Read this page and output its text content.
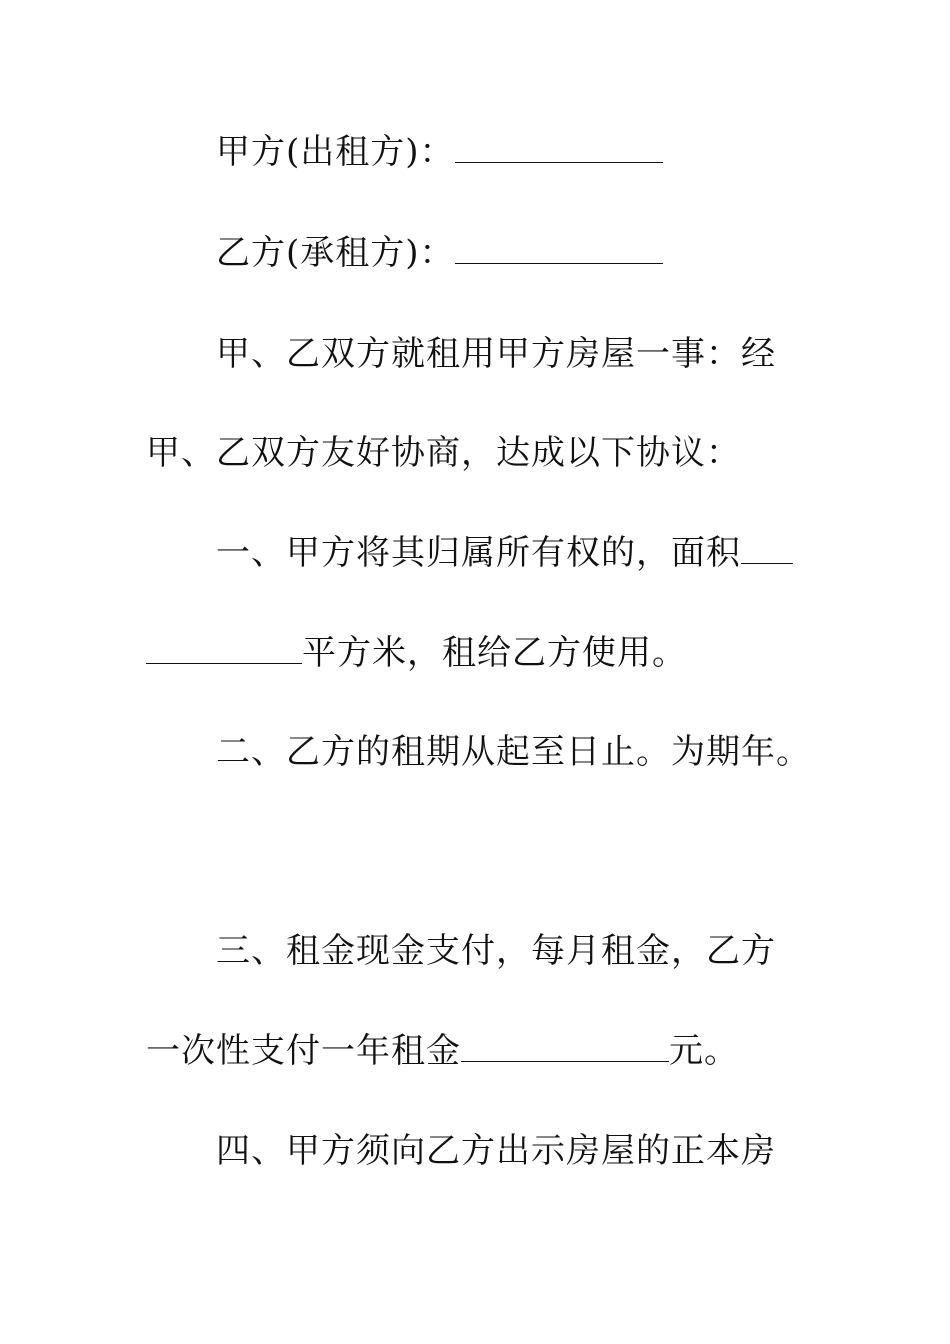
甲方(出租方)：
乙方(承租方)：
甲、乙双方就租用甲方房屋一事：经
甲、乙双方友好协商，达成以下协议：
一、甲方将其归属所有权的，面积
平方米，租给乙方使用。
二、乙方的租期从起至日止。为期年。
三、租金现金支付，每月租金，乙方
一次性支付一年租金	元。
四、甲方须向乙方出示房屋的正本房
